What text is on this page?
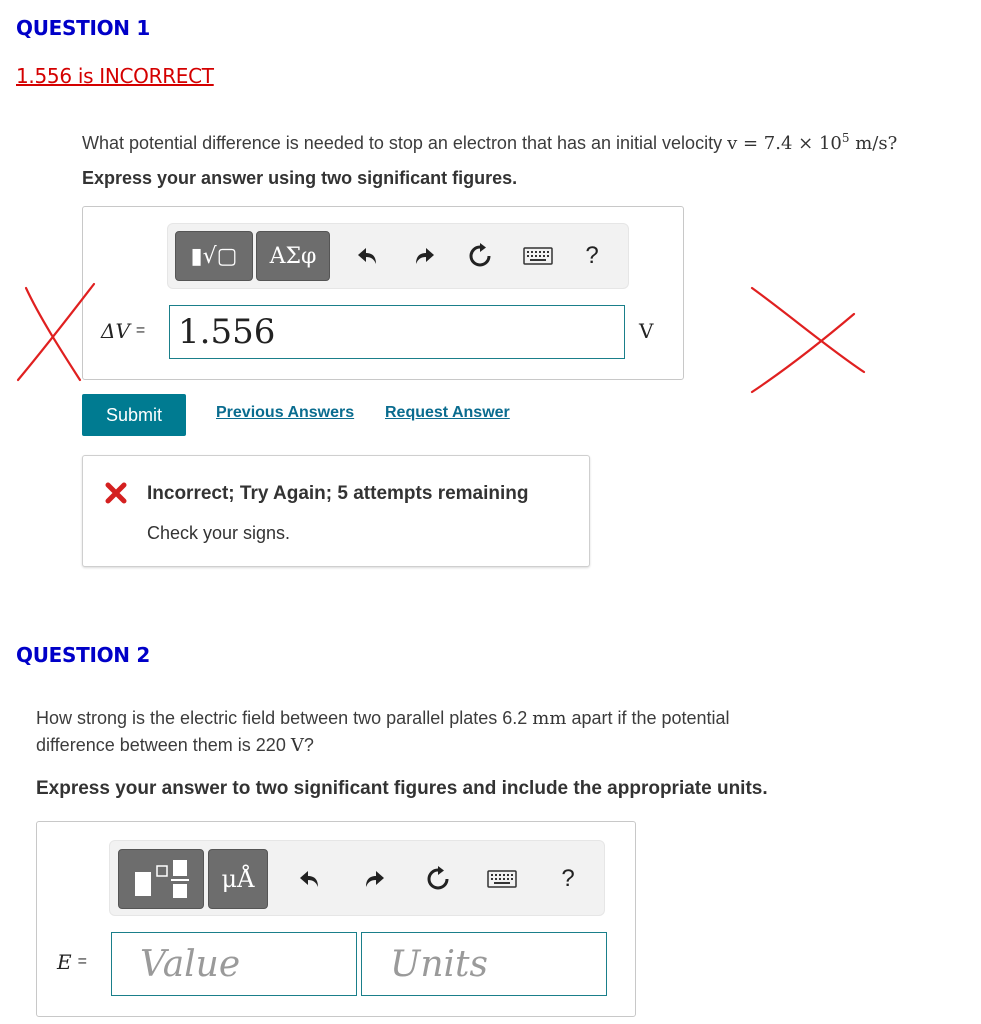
QUESTION 1
1.556 is INCORRECT
What potential difference is needed to stop an electron that has an initial velocity $v = 7.4 \times 10^5$ m/s?
Express your answer using two significant figures.
▮√▢ ΑΣφ	?
ΔV = 1.556	V
Submit	Previous Answers Request Answer
Incorrect; Try Again; 5 attempts remaining
Check your signs.
QUESTION 2
How strong is the electric field between two parallel plates 6.2 mm apart if the potential
difference between them is 220 V?
Express your answer to two significant figures and include the appropriate units.
μÅ	?
E = Value	Units
